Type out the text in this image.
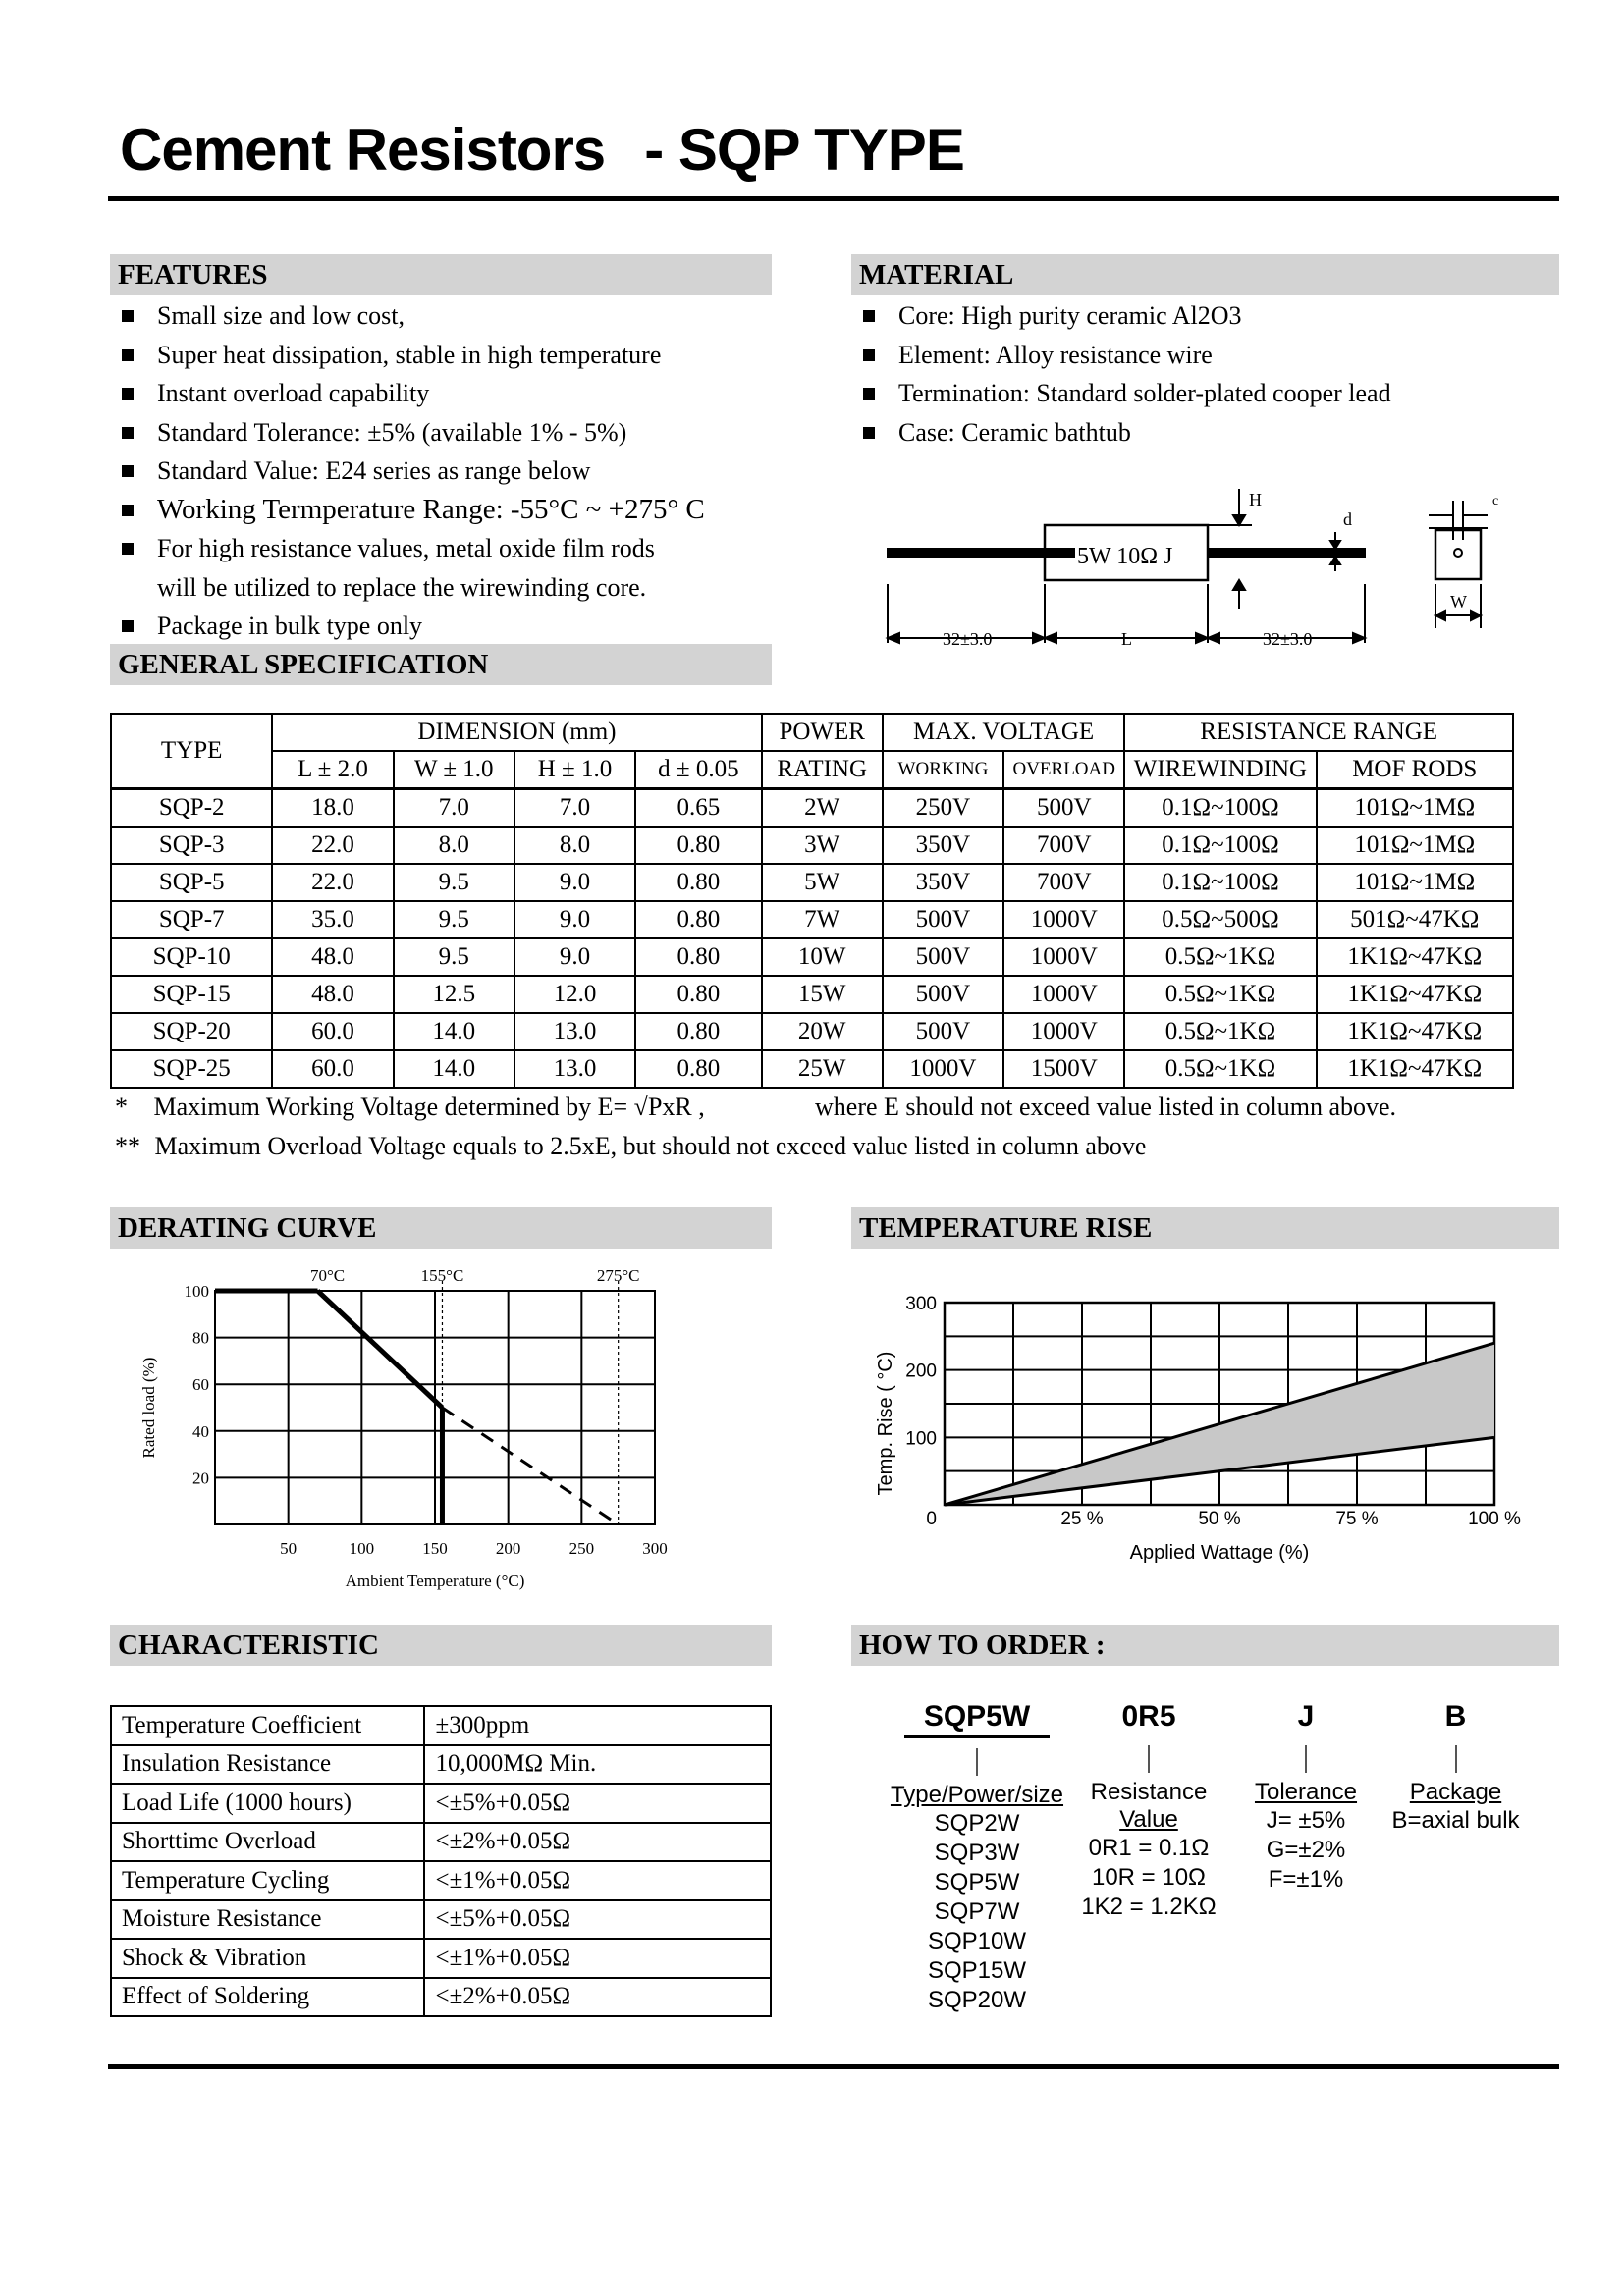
Cement Resistors - SQP TYPE
FEATURES
Small size and low cost,
Super heat dissipation, stable in high temperature
Instant overload capability
Standard Tolerance: ±5% (available 1% - 5%)
Standard Value: E24 series as range below
Working Termperature Range: -55°C ~ +275° C
For high resistance values, metal oxide film rods
will be utilized to replace the wirewinding core.
Package in bulk type only
MATERIAL
Core: High purity ceramic Al2O3
Element: Alloy resistance wire
Termination: Standard solder-plated cooper lead
Case: Ceramic bathtub
5W 10Ω J
H
d
32±3.0	L	32±3.0
W
c
GENERAL SPECIFICATION
TYPE	DIMENSION (mm)				POWER	MAX. VOLTAGE		RESISTANCE RANGE	
	L ± 2.0	W ± 1.0	H ± 1.0	d ± 0.05	RATING	WORKING	OVERLOAD	WIREWINDING	MOF RODS
SQP-2	18.0	7.0	7.0	0.65	2W	250V	500V	0.1Ω~100Ω	101Ω~1MΩ
SQP-3	22.0	8.0	8.0	0.80	3W	350V	700V	0.1Ω~100Ω	101Ω~1MΩ
SQP-5	22.0	9.5	9.0	0.80	5W	350V	700V	0.1Ω~100Ω	101Ω~1MΩ
SQP-7	35.0	9.5	9.0	0.80	7W	500V	1000V	0.5Ω~500Ω	501Ω~47KΩ
SQP-10	48.0	9.5	9.0	0.80	10W	500V	1000V	0.5Ω~1KΩ	1K1Ω~47KΩ
SQP-15	48.0	12.5	12.0	0.80	15W	500V	1000V	0.5Ω~1KΩ	1K1Ω~47KΩ
SQP-20	60.0	14.0	13.0	0.80	20W	500V	1000V	0.5Ω~1KΩ	1K1Ω~47KΩ
SQP-25	60.0	14.0	13.0	0.80	25W	1000V	1500V	0.5Ω~1KΩ	1K1Ω~47KΩ
* Maximum Working Voltage determined by E= √PxR ,	where E should not exceed value listed in column above.
** Maximum Overload Voltage equals to 2.5xE, but should not exceed value listed in column above
DERATING CURVE
100
80
60
40
20
50	100	150	200	250	300
70°C	155°C	275°C
Ambient Temperature (°C)
Rated load (%)
TEMPERATURE RISE
0
100
200
300
25 %	50 %	75 %	100 %
Applied Wattage (%)
Temp. Rise ( °C)
CHARACTERISTIC
Temperature Coefficient	±300ppm
Insulation Resistance	10,000MΩ Min.
Load Life (1000 hours)	<±5%+0.05Ω
Shorttime Overload	<±2%+0.05Ω
Temperature Cycling	<±1%+0.05Ω
Moisture Resistance	<±5%+0.05Ω
Shock & Vibration	<±1%+0.05Ω
Effect of Soldering	<±2%+0.05Ω
HOW TO ORDER :
SQP5W
Type/Power/size
SQP2W
SQP3W
SQP5W
SQP7W
SQP10W
SQP15W
SQP20W
0R5
Resistance
Value
0R1 = 0.1Ω
10R = 10Ω
1K2 = 1.2KΩ
J
Tolerance
J= ±5%
G=±2%
F=±1%
B
Package
B=axial bulk
